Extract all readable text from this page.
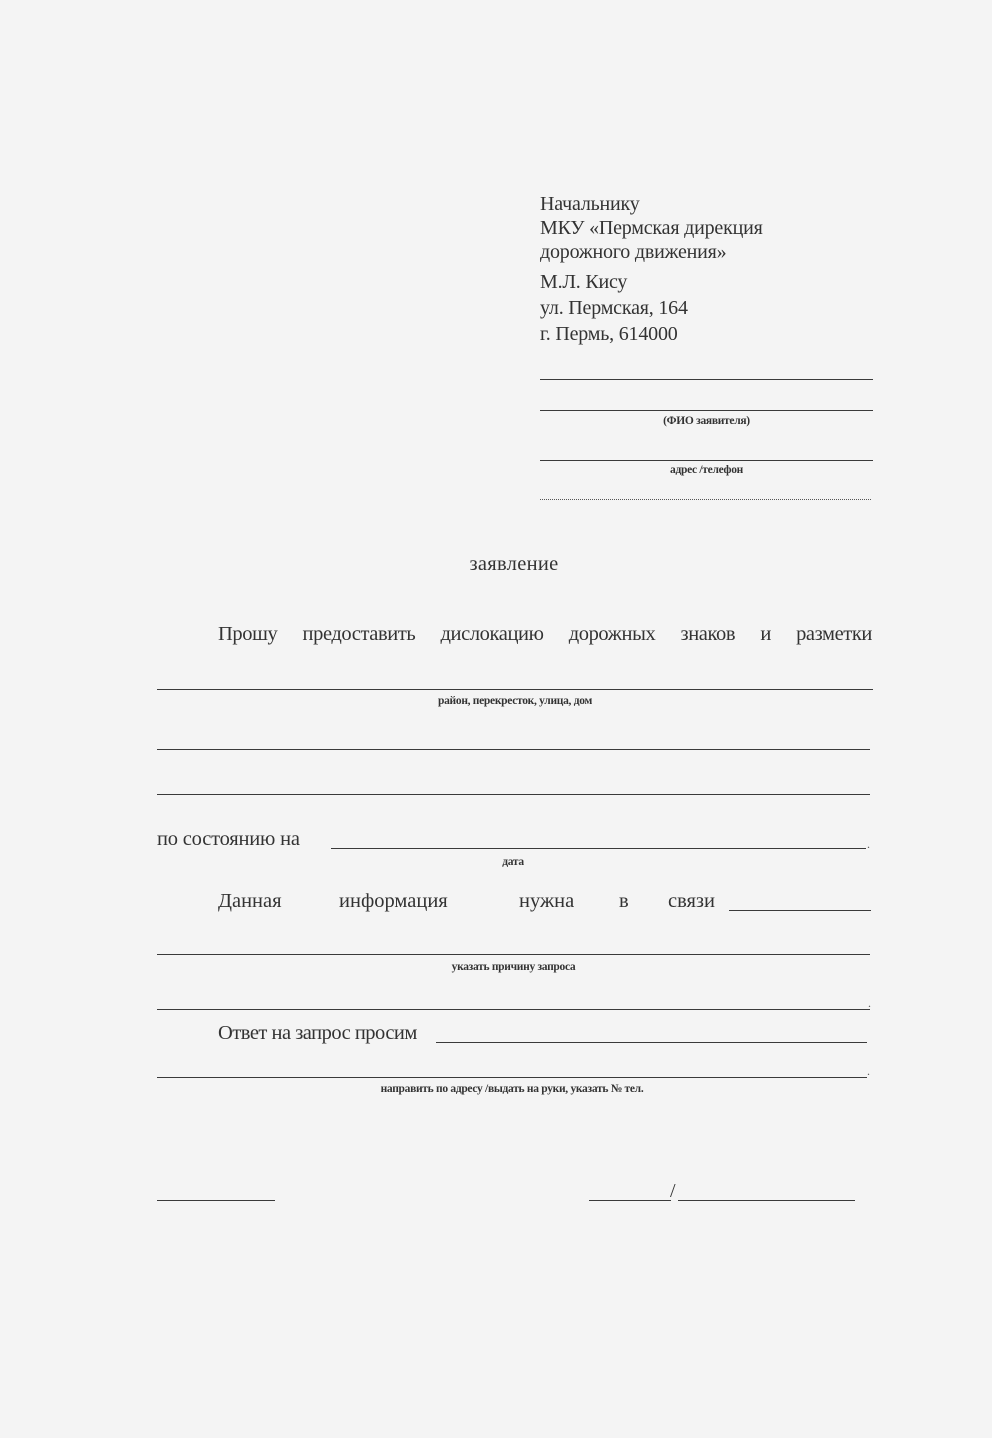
Начальнику
МКУ «Пермская дирекция
дорожного движения»
М.Л. Кису
ул. Пермская, 164
г. Пермь, 614000
(ФИО заявителя)
адрес /телефон
заявление
Прошу предоставить дислокацию дорожных знаков и разметки
район, перекресток, улица, дом
по состоянию на	.
дата
Данная	информация	нужна в связи
указать причину запроса
.
Ответ на запрос просим
.
направить по адресу /выдать на руки, указать № тел.
/
